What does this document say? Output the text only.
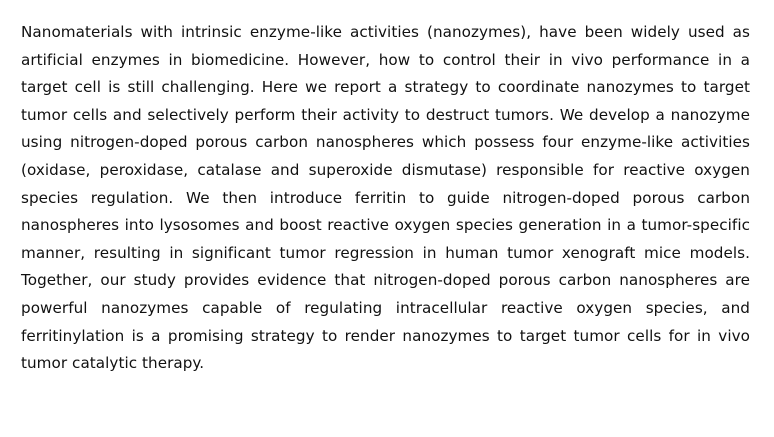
Nanomaterials with intrinsic enzyme-like activities (nanozymes), have been widely used as artificial enzymes in biomedicine. However, how to control their in vivo performance in a target cell is still challenging. Here we report a strategy to coordinate nanozymes to target tumor cells and selectively perform their activity to destruct tumors. We develop a nanozyme using nitrogen-doped porous carbon nanospheres which possess four enzyme-like activities (oxidase, peroxidase, catalase and superoxide dismutase) responsible for reactive oxygen species regulation. We then introduce ferritin to guide nitrogen-doped porous carbon nanospheres into lysosomes and boost reactive oxygen species generation in a tumor-specific manner, resulting in significant tumor regression in human tumor xenograft mice models. Together, our study provides evidence that nitrogen-doped porous carbon nanospheres are powerful nanozymes capable of regulating intracellular reactive oxygen species, and ferritinylation is a promising strategy to render nanozymes to target tumor cells for in vivo tumor catalytic therapy.
